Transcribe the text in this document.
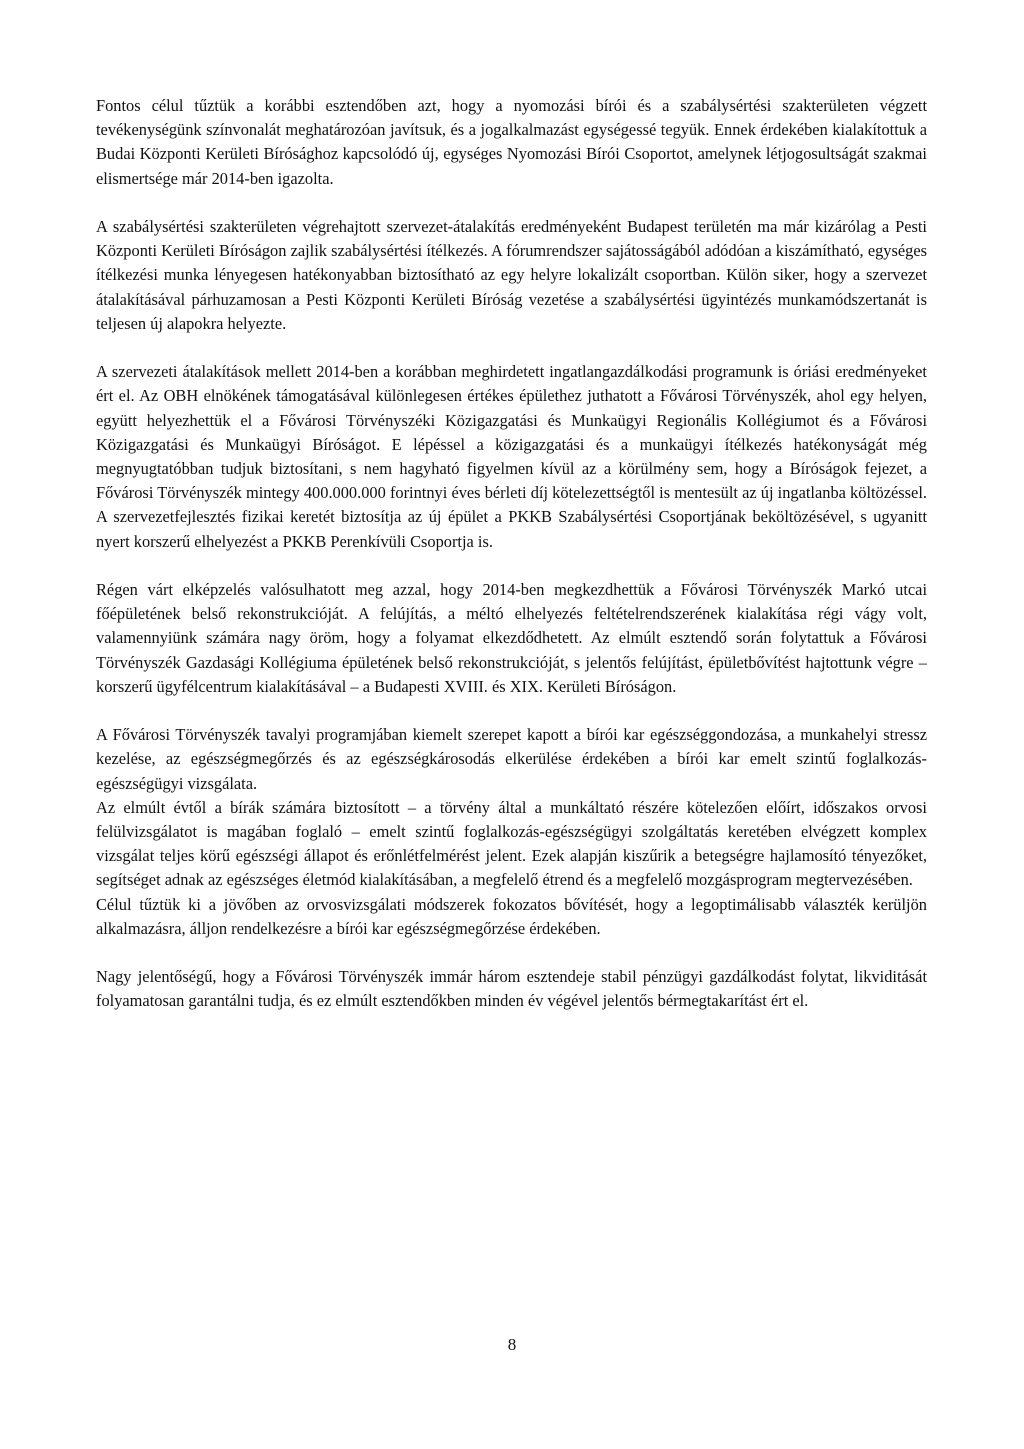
Fontos célul tűztük a korábbi esztendőben azt, hogy a nyomozási bírói és a szabálysértési szakterületen végzett tevékenységünk színvonalát meghatározóan javítsuk, és a jogalkalmazást egységessé tegyük. Ennek érdekében kialakítottuk a Budai Központi Kerületi Bírósághoz kapcsolódó új, egységes Nyomozási Bírói Csoportot, amelynek létjogosultságát szakmai elismertsége már 2014-ben igazolta.

A szabálysértési szakterületen végrehajtott szervezet-átalakítás eredményeként Budapest területén ma már kizárólag a Pesti Központi Kerületi Bíróságon zajlik szabálysértési ítélkezés. A fórumrendszer sajátosságából adódóan a kiszámítható, egységes ítélkezési munka lényegesen hatékonyabban biztosítható az egy helyre lokalizált csoportban. Külön siker, hogy a szervezet átalakításával párhuzamosan a Pesti Központi Kerületi Bíróság vezetése a szabálysértési ügyintézés munkamódszertanát is teljesen új alapokra helyezte.

A szervezeti átalakítások mellett 2014-ben a korábban meghirdetett ingatlangazdálkodási programunk is óriási eredményeket ért el. Az OBH elnökének támogatásával különlegesen értékes épülethez juthatott a Fővárosi Törvényszék, ahol egy helyen, együtt helyezhettük el a Fővárosi Törvényszéki Közigazgatási és Munkaügyi Regionális Kollégiumot és a Fővárosi Közigazgatási és Munkaügyi Bíróságot. E lépéssel a közigazgatási és a munkaügyi ítélkezés hatékonyságát még megnyugtatóbban tudjuk biztosítani, s nem hagyható figyelmen kívül az a körülmény sem, hogy a Bíróságok fejezet, a Fővárosi Törvényszék mintegy 400.000.000 forintnyi éves bérleti díj kötelezettségtől is mentesült az új ingatlanba költözéssel. A szervezetfejlesztés fizikai keretét biztosítja az új épület a PKKB Szabálysértési Csoportjának beköltözésével, s ugyanitt nyert korszerű elhelyezést a PKKB Perenkívüli Csoportja is.

Régen várt elképzelés valósulhatott meg azzal, hogy 2014-ben megkezdhettük a Fővárosi Törvényszék Markó utcai főépületének belső rekonstrukcióját. A felújítás, a méltó elhelyezés feltételrendszerének kialakítása régi vágy volt, valamennyiünk számára nagy öröm, hogy a folyamat elkezdődhetett. Az elmúlt esztendő során folytattuk a Fővárosi Törvényszék Gazdasági Kollégiuma épületének belső rekonstrukcióját, s jelentős felújítást, épületbővítést hajtottunk végre – korszerű ügyfélcentrum kialakításával – a Budapesti XVIII. és XIX. Kerületi Bíróságon.

A Fővárosi Törvényszék tavalyi programjában kiemelt szerepet kapott a bírói kar egészséggondozása, a munkahelyi stressz kezelése, az egészségmegőrzés és az egészségkárosodás elkerülése érdekében a bírói kar emelt szintű foglalkozás-egészségügyi vizsgálata.

Az elmúlt évtől a bírák számára biztosított – a törvény által a munkáltató részére kötelezően előírt, időszakos orvosi felülvizsgálatot is magában foglaló – emelt szintű foglalkozás-egészségügyi szolgáltatás keretében elvégzett komplex vizsgálat teljes körű egészségi állapot és erőnlétfelmérést jelent. Ezek alapján kiszűrik a betegségre hajlamosító tényezőket, segítséget adnak az egészséges életmód kialakításában, a megfelelő étrend és a megfelelő mozgásprogram megtervezésében.

Célul tűztük ki a jövőben az orvosvizsgálati módszerek fokozatos bővítését, hogy a legoptimálisabb választék kerüljön alkalmazásra, álljon rendelkezésre a bírói kar egészségmegőrzése érdekében.

Nagy jelentőségű, hogy a Fővárosi Törvényszék immár három esztendeje stabil pénzügyi gazdálkodást folytat, likviditását folyamatosan garantálni tudja, és ez elmúlt esztendőkben minden év végével jelentős bérmegtakarítást ért el.

8
